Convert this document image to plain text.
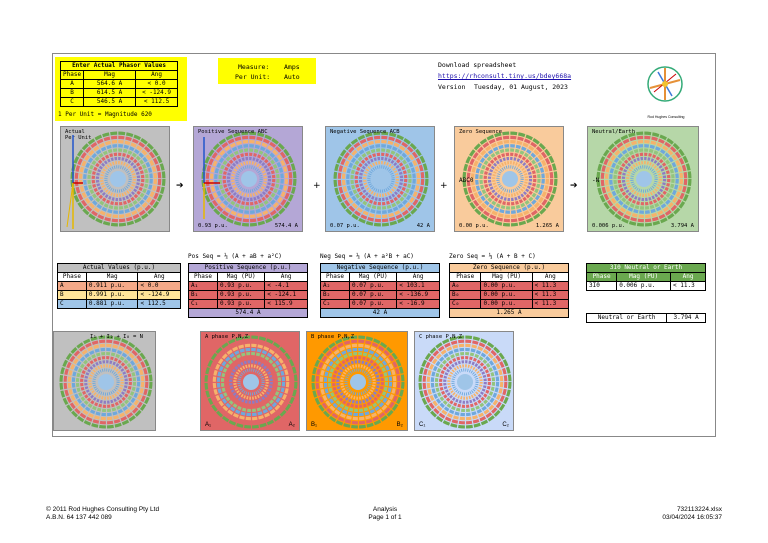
Enter Actual Phasor Values		
Phase	Mag	Ang
A	564.6 A	< 0.0
B	614.5 A	< -124.9
C	546.5 A	< 112.5
1 Per Unit = Magnitude 620
Measure: Amps
Per Unit: Auto
Download spreadsheet
https://rhconsult.tiny.us/bdey668a
Version Tuesday, 01 August, 2023
Rod Hughes Consulting
Actual
Per Unit
➔
Positive Sequence ABC
0.93 p.u.	574.4 A
+
Negative Sequence ACB
0.07 p.u.	42 A
+
Zero Sequence
ABC0
0.00 p.u.	1.265 A
➔
Neutral/Earth
-N
0.006 p.u.	3.794 A
Pos Seq = ⅓ (A + aB + a²C)	Neg Seq = ⅓ (A + a²B + aC)	Zero Seq = ⅓ (A + B + C)
Actual Values (p.u.)		
Phase	Mag	Ang
A	0.911 p.u.	< 0.0
B	0.991 p.u.	< -124.9
C	0.881 p.u.	< 112.5
Positive Sequence (p.u.)		
Phase	Mag (PU)	Ang
A₁	0.93 p.u.	< -4.1
B₁	0.93 p.u.	< -124.1
C₁	0.93 p.u.	< 115.9
574.4 A		
Negative Sequence (p.u.)		
Phase	Mag (PU)	Ang
A₂	0.07 p.u.	< 103.1
B₂	0.07 p.u.	< -136.9
C₂	0.07 p.u.	< -16.9
42 A		
Zero Sequence (p.u.)		
Phase	Mag (PU)	Ang
A₀	0.00 p.u.	< 11.3
B₀	0.00 p.u.	< 11.3
C₀	0.00 p.u.	< 11.3
1.265 A		
3I0 Neutral or Earth		
Phase	Mag (PU)	Ang
3I0	0.006 p.u.	< 11.3
Neutral or Earth	3.794 A
I₁ + I₂ + I₀ = N	A phase P,N,Z
A₁	A₂
B phase P,N,Z
B₁	B₂
C phase P,N,Z
C₁	C₂
© 2011 Rod Hughes Consulting Pty Ltd
A.B.N. 64 137 442 089
Analysis
Page 1 of 1
732113224.xlsx
03/04/2024 16:05:37
